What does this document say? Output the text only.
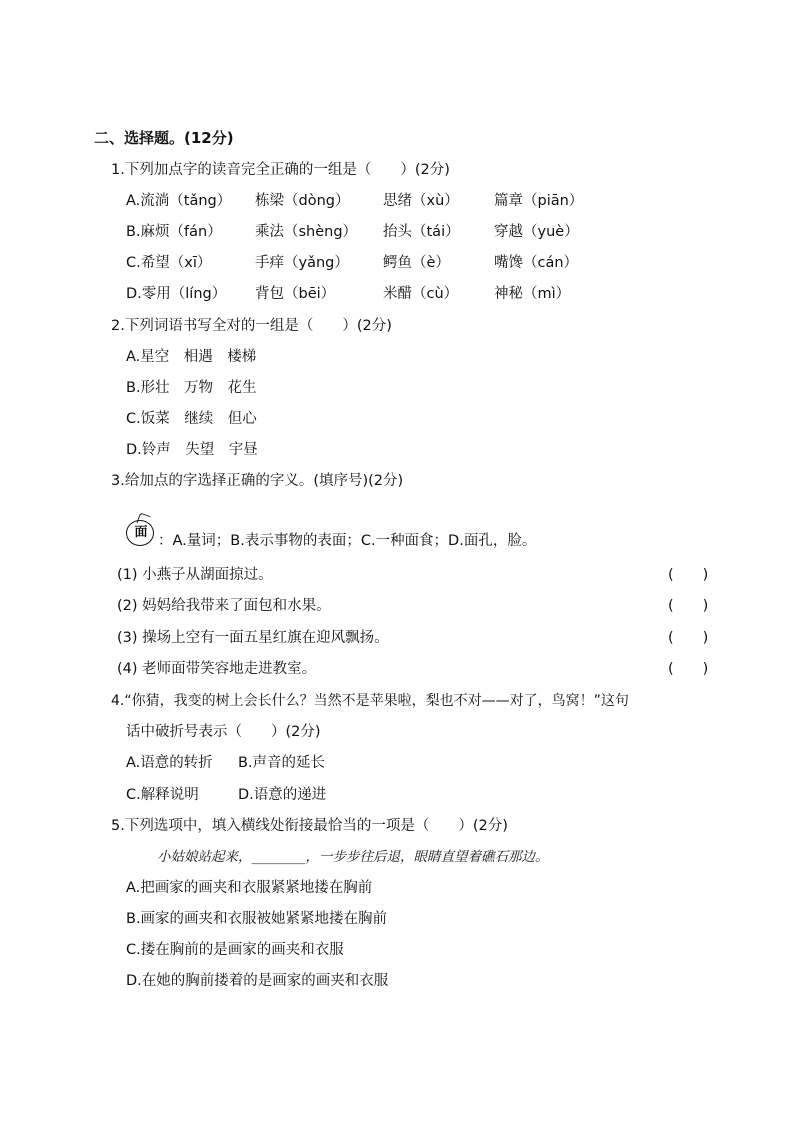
二、选择题。(12分)
1.下列加点字的读音完全正确的一组是（　　）(2分)
A.流淌（tǎng） 栋梁（dòng） 思绪（xù） 篇章（piān）
B.麻烦（fán） 乘法（shèng） 抬头（tái） 穿越（yuè）
C.希望（xī）	手痒（yǎng） 鳄鱼（è）	嘴馋（cán）
D.零用（líng） 背包（bēi）	米醋（cù） 神秘（mì）
2.下列词语书写全对的一组是（　　）(2分)
A.星空　相遇　楼梯
B.形壮　万物　花生
C.饭菜　继续　但心
D.铃声　失望　宇昼
3.给加点的字选择正确的字义。(填序号)(2分)
面
：A.量词；B.表示事物的表面；C.一种面食；D.面孔，脸。
(1) 小燕子从湖面掠过。	(　　)
(2) 妈妈给我带来了面包和水果。	(　　)
(3) 操场上空有一面五星红旗在迎风飘扬。	(　　)
(4) 老师面带笑容地走进教室。	(　　)
4.“你猜，我变的树上会长什么？当然不是苹果啦，梨也不对——对了，鸟窝！”这句
话中破折号表示（　　）(2分)
A.语意的转折 B.声音的延长
C.解释说明	D.语意的递进
5.下列选项中，填入横线处衔接最恰当的一项是（　　）(2分)
小姑娘站起来，________，一步步往后退，眼睛直望着礁石那边。
A.把画家的画夹和衣服紧紧地搂在胸前
B.画家的画夹和衣服被她紧紧地搂在胸前
C.搂在胸前的是画家的画夹和衣服
D.在她的胸前搂着的是画家的画夹和衣服
